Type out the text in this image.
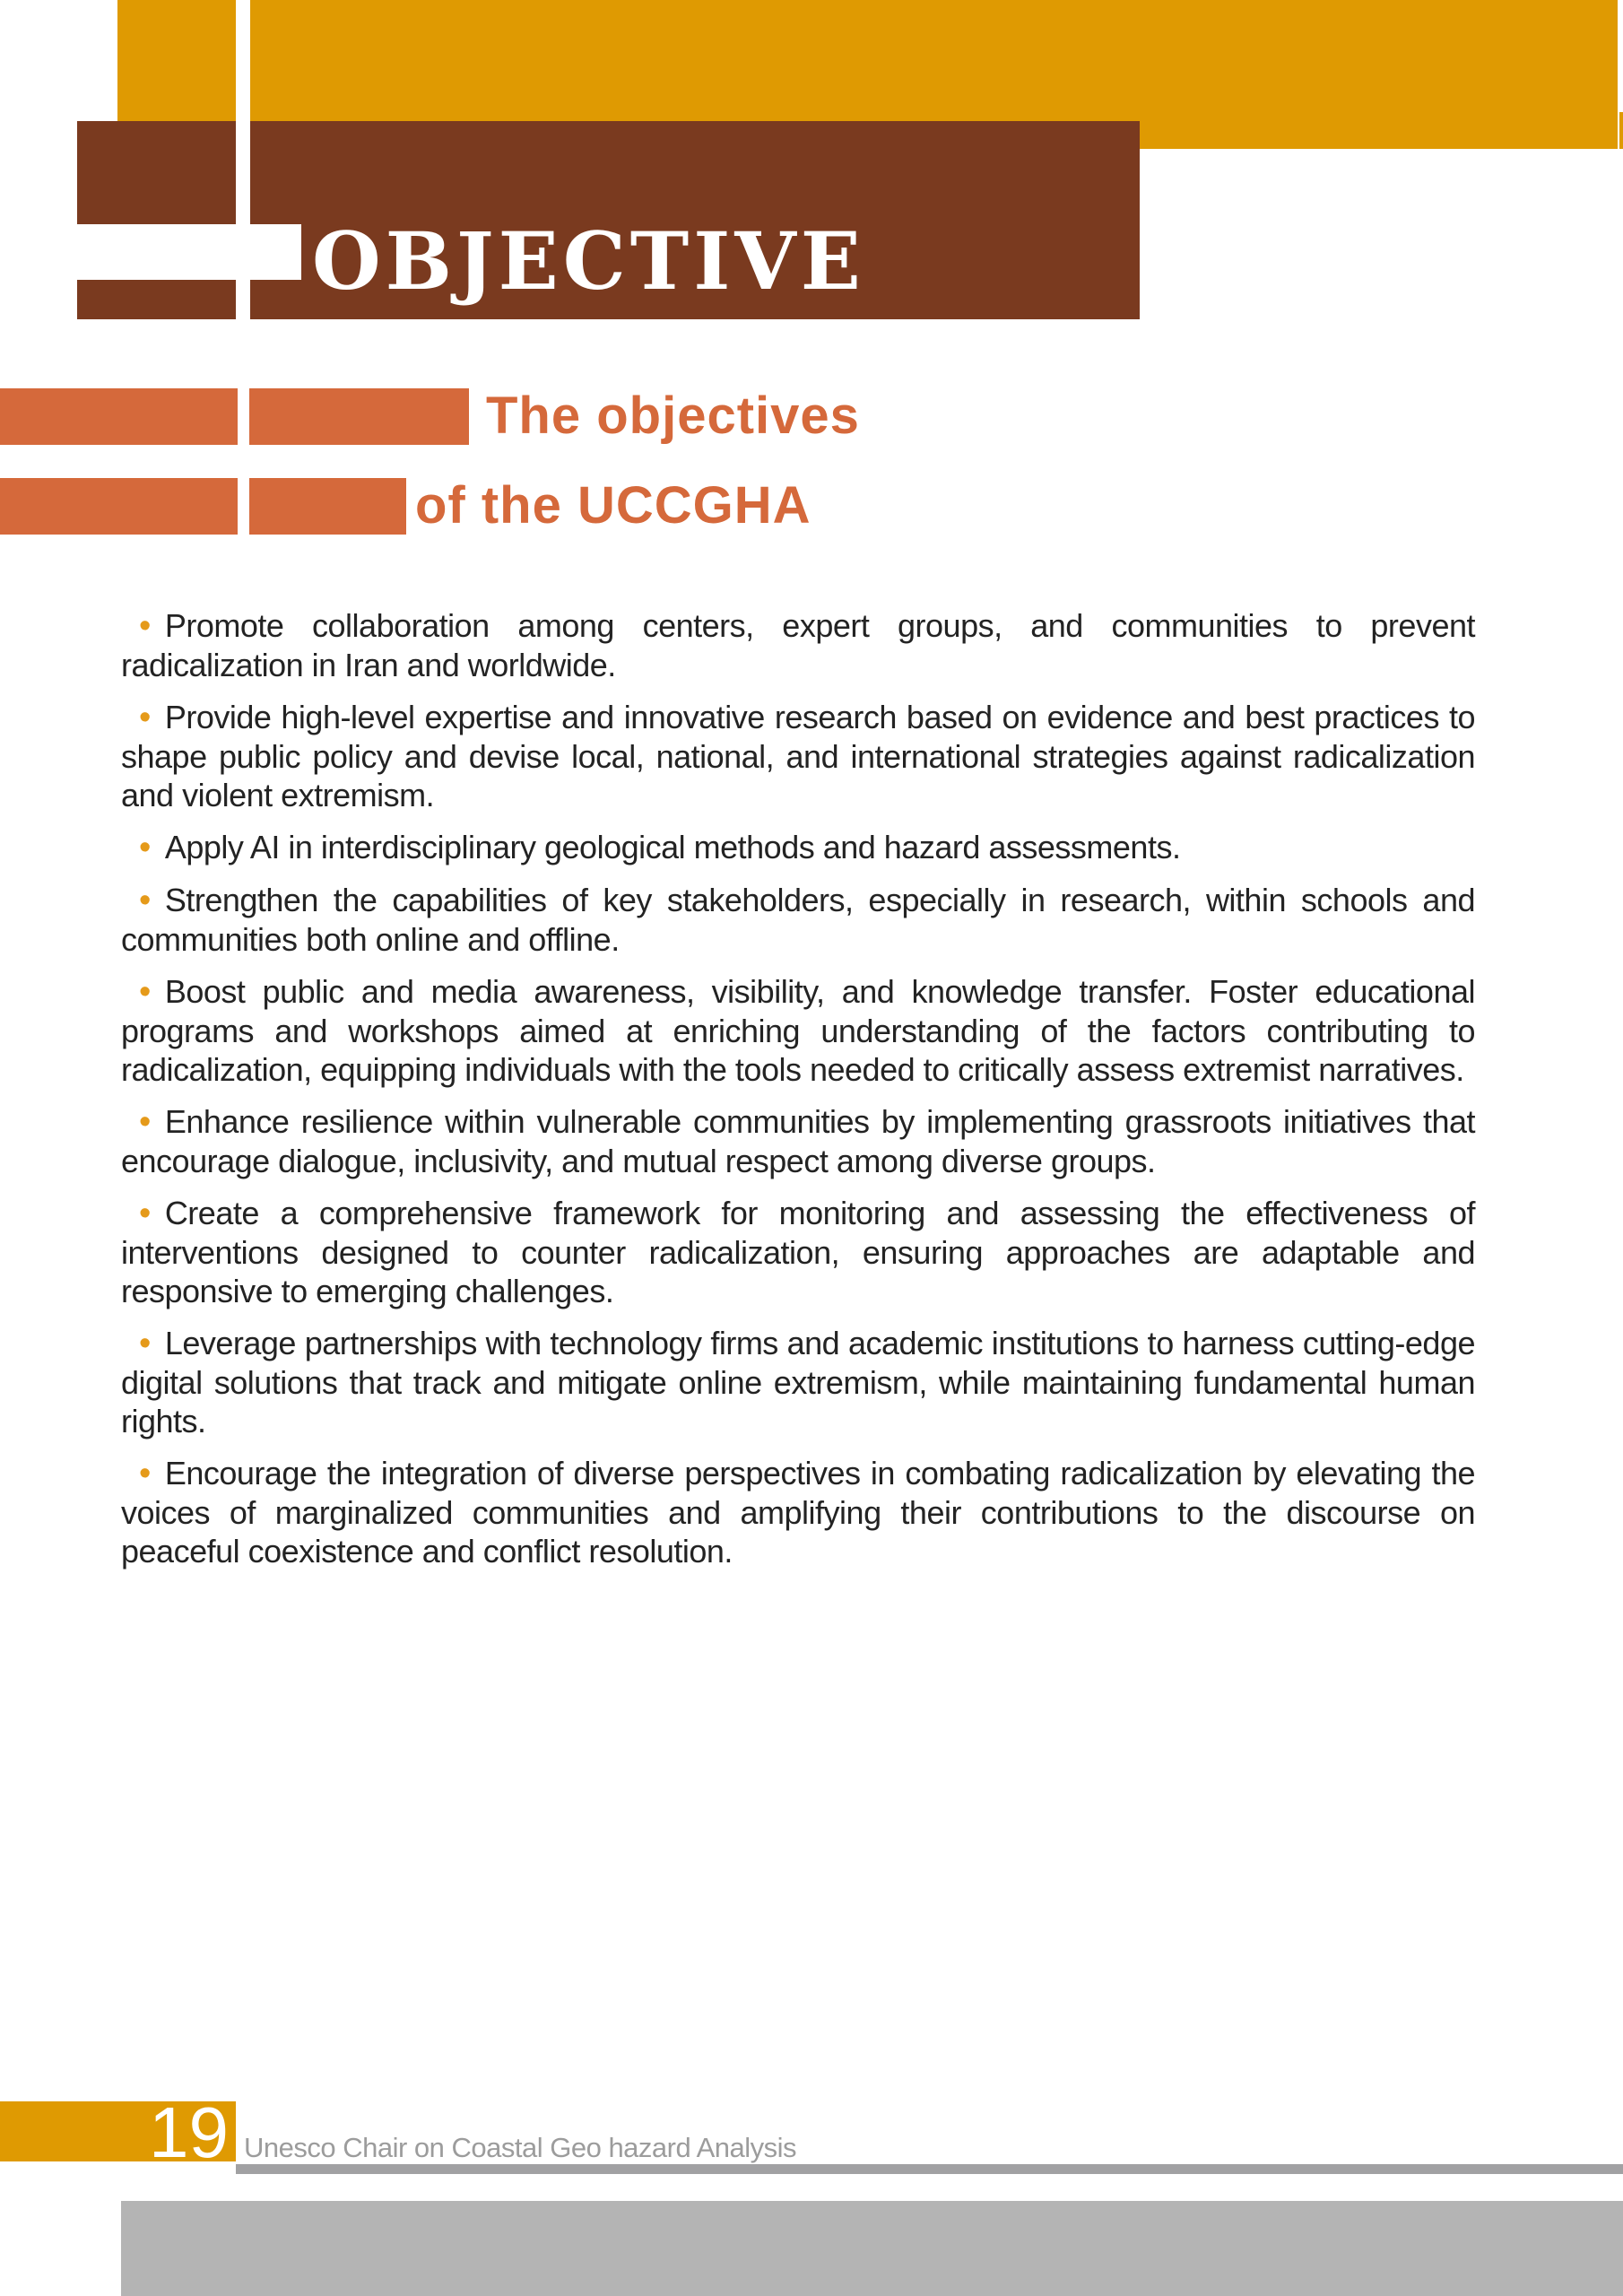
OBJECTIVE
The objectives
of the UCCGHA

• Promote collaboration among centers, expert groups, and communities to prevent radicalization in Iran and worldwide.

• Provide high-level expertise and innovative research based on evidence and best practices to shape public policy and devise local, national, and international strategies against radicalization and violent extremism.

• Apply AI in interdisciplinary geological methods and hazard assessments.

• Strengthen the capabilities of key stakeholders, especially in research, within schools and communities both online and offline.

• Boost public and media awareness, visibility, and knowledge transfer. Foster educational programs and workshops aimed at enriching understanding of the factors contributing to radicalization, equipping individuals with the tools needed to critically assess extremist narratives.

• Enhance resilience within vulnerable communities by implementing grassroots initiatives that encourage dialogue, inclusivity, and mutual respect among diverse groups.

• Create a comprehensive framework for monitoring and assessing the effectiveness of interventions designed to counter radicalization, ensuring approaches are adaptable and responsive to emerging challenges.

• Leverage partnerships with technology firms and academic institutions to harness cutting-edge digital solutions that track and mitigate online extremism, while maintaining fundamental human rights.

• Encourage the integration of diverse perspectives in combating radicalization by elevating the voices of marginalized communities and amplifying their contributions to the discourse on peaceful coexistence and conflict resolution.

19 Unesco Chair on Coastal Geo hazard Analysis
